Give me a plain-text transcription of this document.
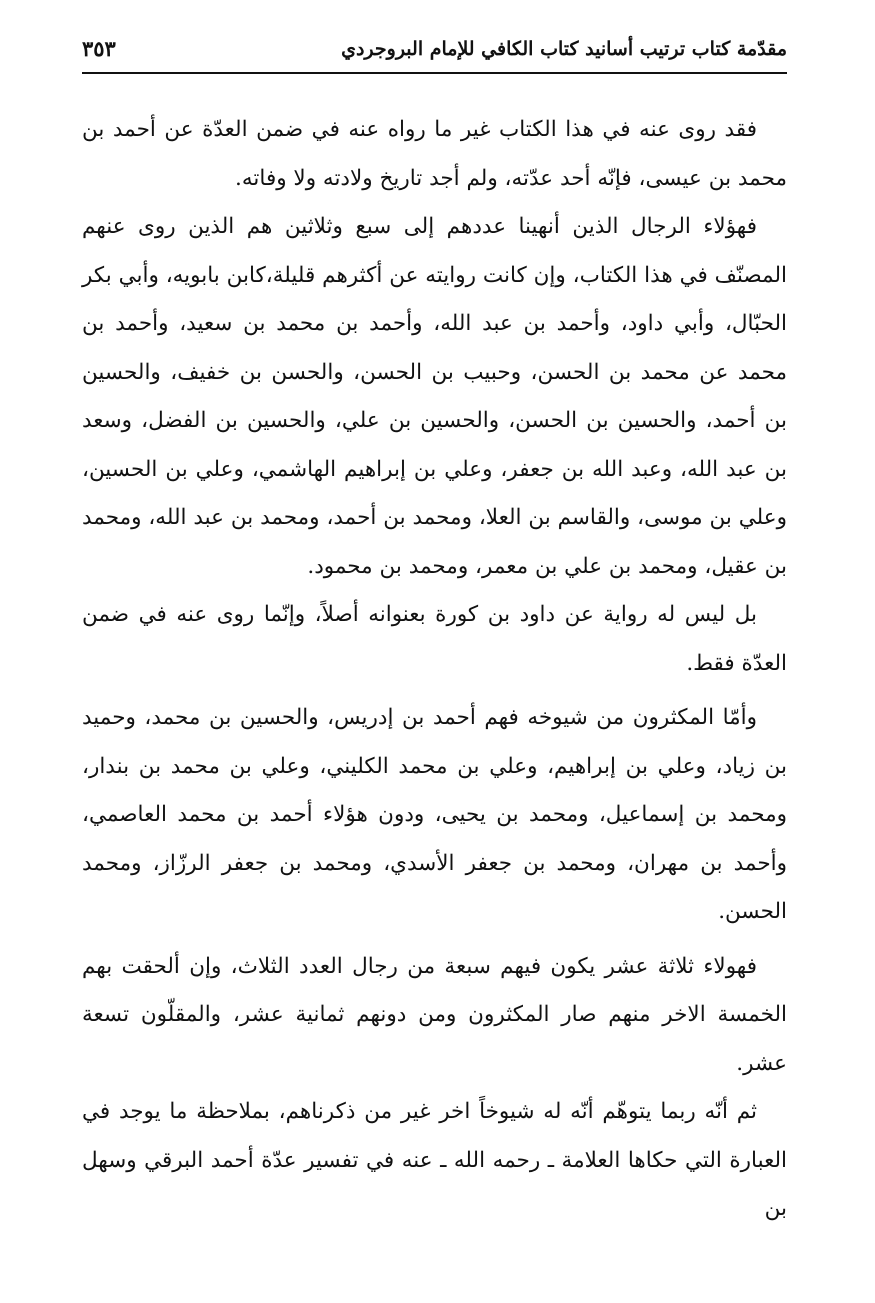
مقدّمة كتاب ترتيب أسانيد كتاب الكافي للإمام البروجردي
٣٥٣

فقد روى عنه في هذا الكتاب غير ما رواه عنه في ضمن العدّة عن أحمد بن محمد بن عيسى، فإنّه أحد عدّته، ولم أجد تاريخ ولادته ولا وفاته.

فهؤلاء الرجال الذين أنهينا عددهم إلى سبع وثلاثين هم الذين روى عنهم المصنّف في هذا الكتاب، وإن كانت روايته عن أكثرهم قليلة،كابن بابويه، وأبي بكر الحبّال، وأبي داود، وأحمد بن عبد الله، وأحمد بن محمد بن سعيد، وأحمد بن محمد عن محمد بن الحسن، وحبيب بن الحسن، والحسن بن خفيف، والحسين بن أحمد، والحسين بن الحسن، والحسين بن علي، والحسين بن الفضل، وسعد بن عبد الله، وعبد الله بن جعفر، وعلي بن إبراهيم الهاشمي، وعلي بن الحسين، وعلي بن موسى، والقاسم بن العلا، ومحمد بن أحمد، ومحمد بن عبد الله، ومحمد بن عقيل، ومحمد بن علي بن معمر، ومحمد بن محمود.

بل ليس له رواية عن داود بن كورة بعنوانه أصلاً، وإنّما روى عنه في ضمن العدّة فقط.

وأمّا المكثرون من شيوخه فهم أحمد بن إدريس، والحسين بن محمد، وحميد بن زياد، وعلي بن إبراهيم، وعلي بن محمد الكليني، وعلي بن محمد بن بندار، ومحمد بن إسماعيل، ومحمد بن يحيى، ودون هؤلاء أحمد بن محمد العاصمي، وأحمد بن مهران، ومحمد بن جعفر الأسدي، ومحمد بن جعفر الرزّاز، ومحمد الحسن.

فهولاء ثلاثة عشر يكون فيهم سبعة من رجال العدد الثلاث، وإن ألحقت بهم الخمسة الاخر منهم صار المكثرون ومن دونهم ثمانية عشر، والمقلّون تسعة عشر.

ثم أنّه ربما يتوهّم أنّه له شيوخاً اخر غير من ذكرناهم، بملاحظة ما يوجد في العبارة التي حكاها العلامة ـ رحمه الله ـ عنه في تفسير عدّة أحمد البرقي وسهل بن
